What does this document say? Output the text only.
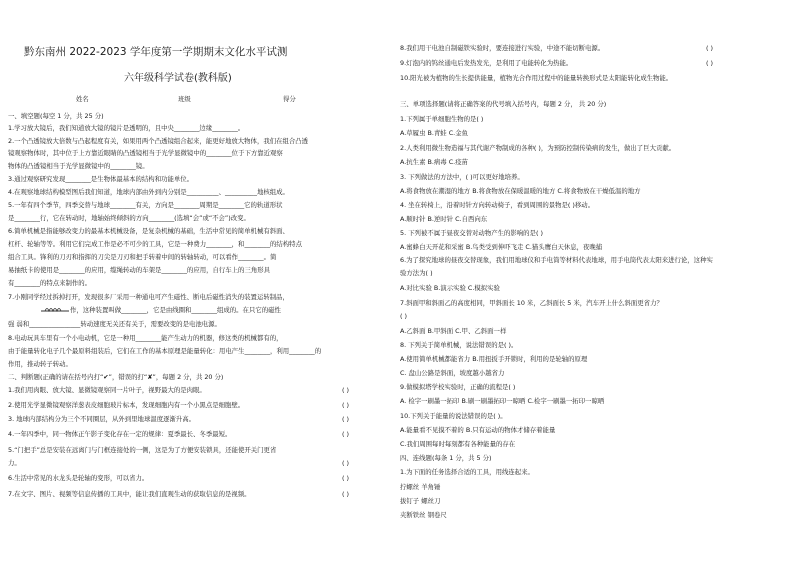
黔东南州 2022-2023 学年度第一学期期末文化水平试测
六年级科学试卷(教科版)
姓名	班级	得分
一、填空题(每空 1 分，共 25 分)
1.学习放大镜后，我们知道放大镜的镜片是透明的，且中央________边缘________。
2.一个凸透镜放大倍数与凸起程度有关，如果用两个凸透镜组合起来，能更好地放大物体，我们在组合凸透
镜观察物体时，其中位于上方靠近眼睛的凸透镜相当于光学显微镜中的________位于下方靠近观察
物体的凸透镜相当于光学显微镜中的________镜。
3.通过观察研究发现________是生物体最基本的结构和功能单位。
4.在观察地球结构模型图后我们知道，地球内部由外到内分别是__________、__________地核组成。
5.一年有四个季节，四季交替与地球________有关，方向是________周期是________它的轨道形状
是________行，它在转动时，地轴始终倾斜的方向________(选填“会”或“不会”)改变。
6.简单机械是指能够改变力的最基本机械设备，是复杂机械的基础，生活中常见的简单机械有斜面、
杠杆、轮轴等等。利用它们完成工作是必不可少的工具，它是一种费力________，和________的结构特点
组合工具。锋利的刀刃和指挥的刀尖是刀刃和把手转着中间的转轴转动，可以看作________。简
易抽纸卡的使用是________的应用，缆绳转动的车架是________的应用，自行车上的三角形具
有________的特点来制作的。
7.小刚同学经过拆掉打开，发现很多厂采用一种通电可产生磁性、断电后磁性消失的装置运转制品，
作，这种装置叫做________，它是由线圈和________组成的。在只它的磁性
强 弱和________________转动速度无关还有关于，需要改变的是电池电源。
8.电动玩具车里有一个小电动机，它是一种用________能产生动力的机器，修这类的机械都有的，
由于能量转化电子几个最原料组装后，它们在工作的基本原理是能量转化：用电产生________，利用________的
作用，推动转子转动。
二、判断题(正确的请在括号内打“✔”，错误的打“✘”，每题 2 分，共 20 分)
1.我们用肉眼、放大镜、显微镜观察同一片叶子，视野最大的是肉眼。	( )
2.使用光学显微镜观察洋葱表皮细胞玻片标本，发现细胞内有一个小黑点是细胞壁。	( )
3. 地球内部结构分为三个不同圈层，从外到里地球温度逐渐升高。	( )
4.一年四季中，同一物体正午影子变化存在一定的规律：夏季最长、冬季最短。	( )
5.“门把手”总是安装在远离门与门框连接处的一侧，这是为了方便安装锁具，还能使开关门更省
力。	( )
6.生活中常见的水龙头是轮轴的变形，可以省力。	( )
7.在文字、图片、视频等信息传播的工具中，能让我们直观生动的获取信息的是视频。	( )
8.我们用干电池自制磁铁实验时，要连接进行实验，中途不能切断电源。	( )
9.灯泡内的钨丝通电后发热发光，是利用了电能转化为热能。	( )
10.阳光被为植物的生长提供能量，植物光合作用过程中的能量转换形式是太阳能转化成生物能。
三、单项选择题(请将正确答案的代号填入括号内，每题 2 分， 共 20 分)
1.下列属于单细胞生物的是( )
A.草履虫 B.青蛙 C.金鱼
2.人类利用微生物造福与其代谢产物制成的各种( )，为预防控制传染病的发生，做出了巨大贡献。
A.抗生素 B.病毒 C.疫苗
3. 下列做法的方法中，( )可以更好地培养。
A.将食物放在潮湿的地方 B.将食物放在保暖温暖的地方 C.将食物放在干燥低温的地方
4. 坐在转椅上，沿着时针方向转动椅子，看到周围的景物是( )移动。
A.顺时针 B.逆时针 C.自西向东
5. 下列被不属于昼夜交替对动物产生的影响的是( )
A.蜜蜂白天开花和采蜜 B.鸟类受到伸吓飞走 C.猫头鹰白天休息，夜晚捕
6.为了探究地球的昼夜交替现象，我们用地球仪和手电筒等材料代表地球，用手电筒代表太阳来进行论，这种实
验方法为( )
A.对比实验 B.演示实验 C.模拟实验
7.斜面甲和斜面乙的高度相同，甲斜面长 10 米，乙斜面长 5 米，汽车开上什么斜面更省力？
( )
A.乙斜面 B.甲斜面 C.甲、乙斜面一样
8. 下列关于简单机械，说法错误的是( )。
A.使用简单机械都能省力 B.用扭扳手开锁时，利用的是轮轴的原理
C. 盘山公路是斜面，坡度越小越省力
9.做模拟塔学校实验时，正确的流程是( )
A. 检字一刷墨一拓印 B.刷一刷墨拓印一晾晒 C.检字一刷墨一拓印一晾晒
10.下列关于能量的说法错误的是( )。
A.能量看不见摸不着的 B.只有运动的物体才储存着能量
C.我们周围每时每刻都有各种能量的存在
四、连线题(每条 1 分，共 5 分)
1.为下面的任务选择合适的工具，用线连起来。
拧螺丝 羊角锤
拔钉子 螺丝刀
夹断铁丝 钢卷尺
